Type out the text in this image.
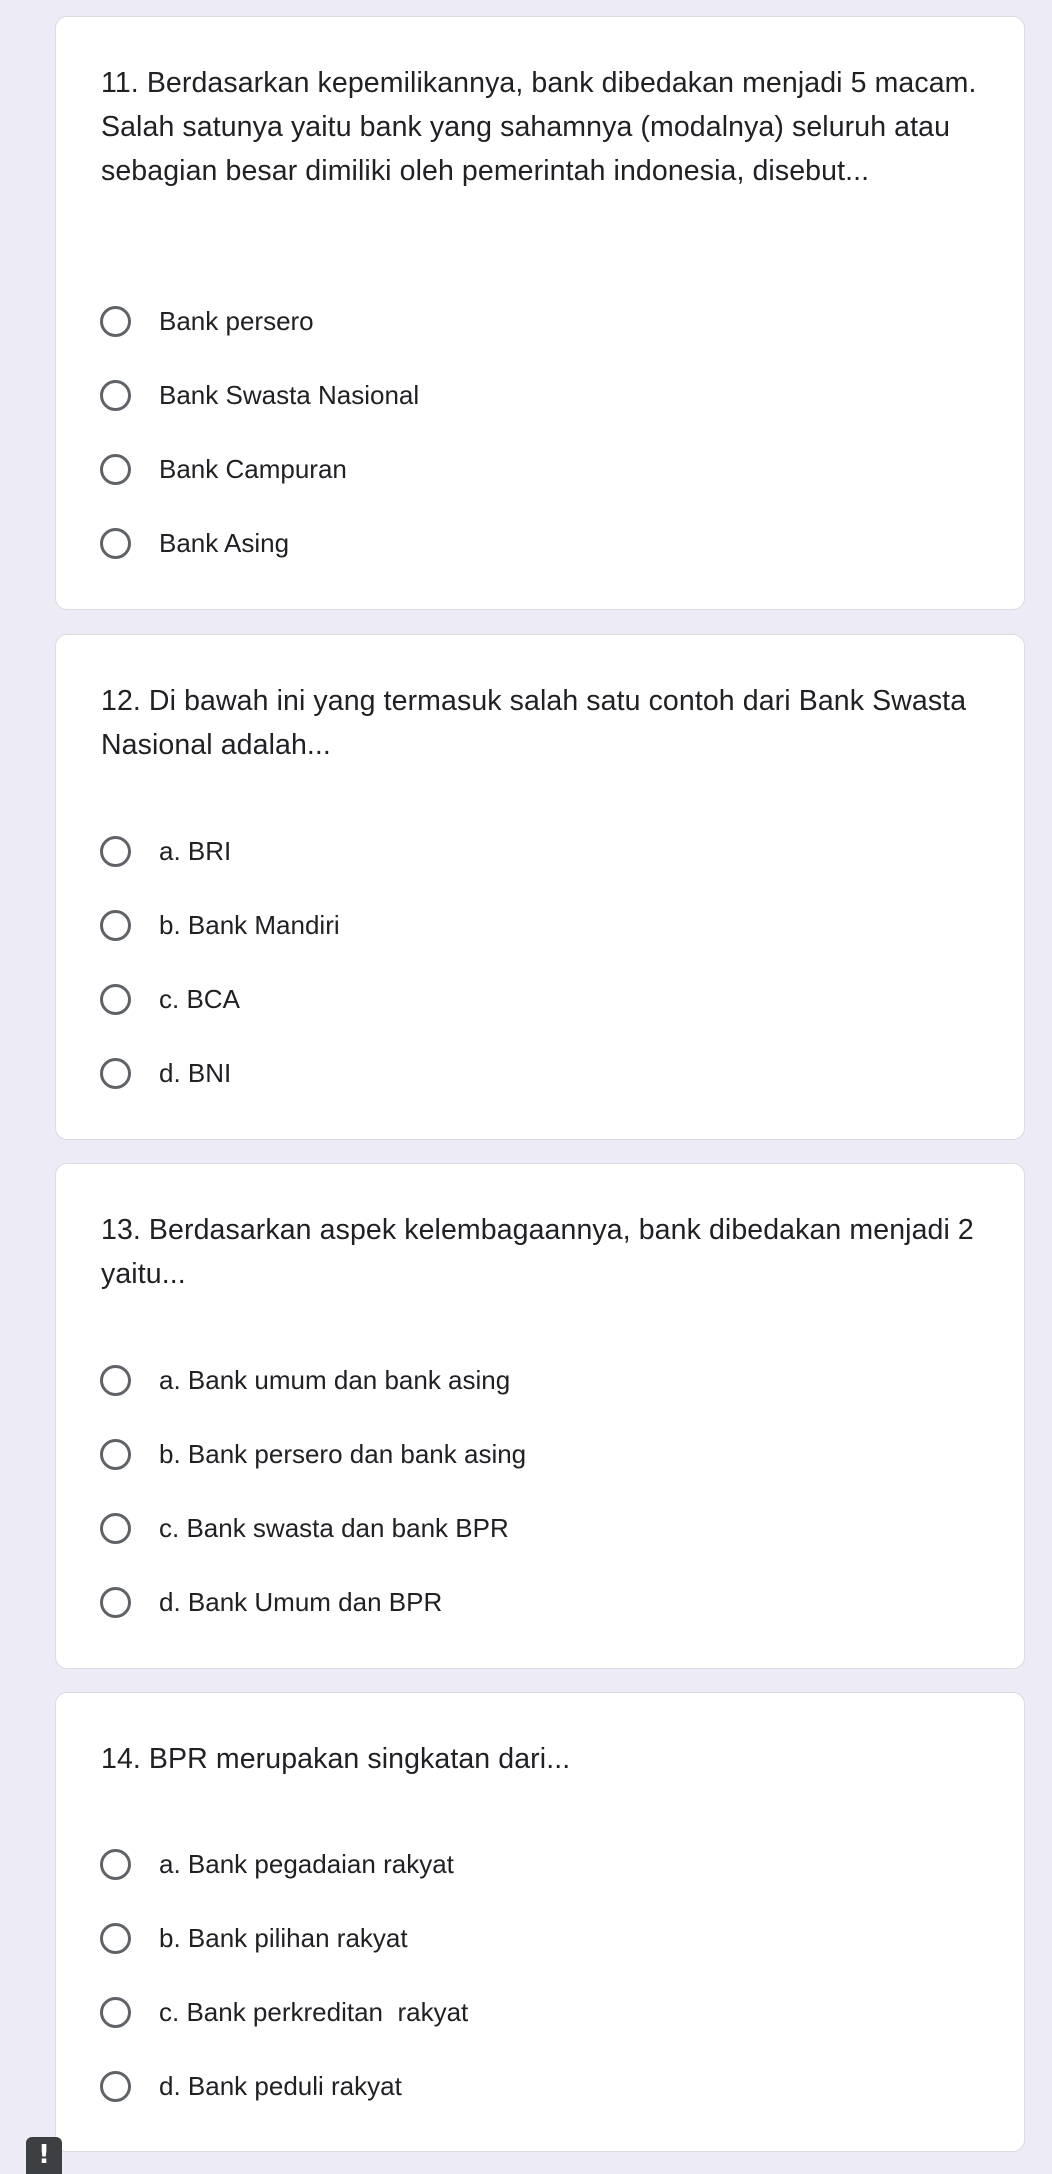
11. Berdasarkan kepemilikannya, bank dibedakan menjadi 5 macam. Salah satunya yaitu bank yang sahamnya (modalnya) seluruh atau sebagian besar dimiliki oleh pemerintah indonesia, disebut...

Bank persero
Bank Swasta Nasional
Bank Campuran
Bank Asing

12. Di bawah ini yang termasuk salah satu contoh dari Bank Swasta Nasional adalah...

a. BRI
b. Bank Mandiri
c. BCA
d. BNI

13. Berdasarkan aspek kelembagaannya, bank dibedakan menjadi 2 yaitu...

a. Bank umum dan bank asing
b. Bank persero dan bank asing
c. Bank swasta dan bank BPR
d. Bank Umum dan BPR

14. BPR merupakan singkatan dari...

a. Bank pegadaian rakyat
b. Bank pilihan rakyat
c. Bank perkreditan  rakyat
d. Bank peduli rakyat
!
